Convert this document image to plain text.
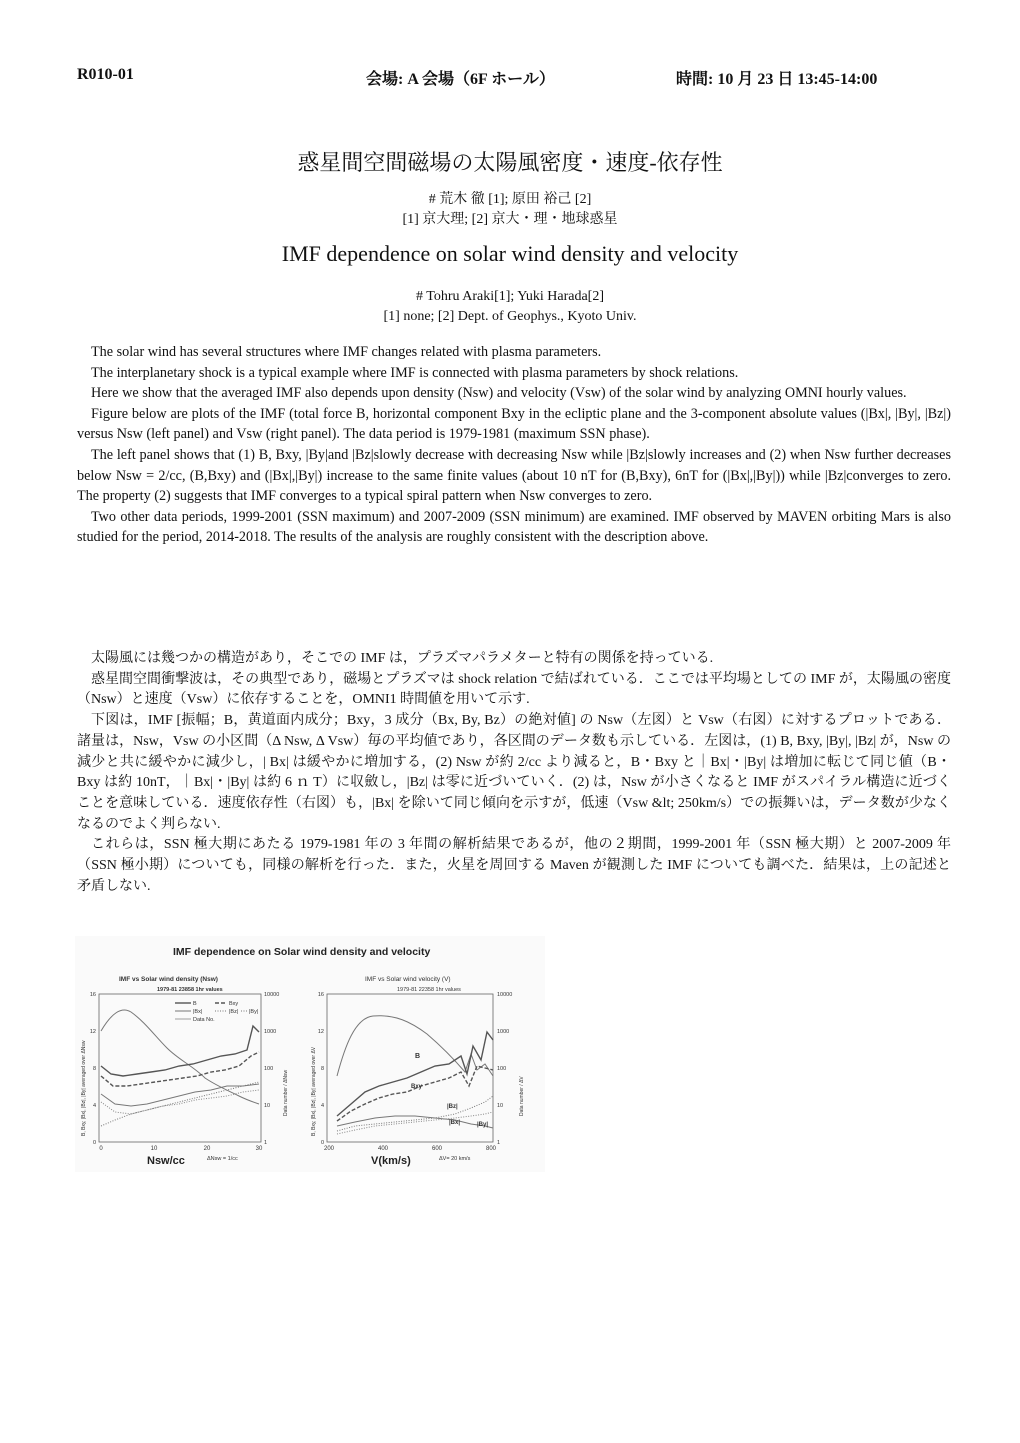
R010-01	会場: A 会場（6F ホール）	時間: 10 月 23 日 13:45-14:00
惑星間空間磁場の太陽風密度・速度-依存性
# 荒木 徹 [1]; 原田 裕己 [2]
[1] 京大理; [2] 京大・理・地球惑星
IMF dependence on solar wind density and velocity
# Tohru Araki[1]; Yuki Harada[2]
[1] none; [2] Dept. of Geophys., Kyoto Univ.

The solar wind has several structures where IMF changes related with plasma parameters.

The interplanetary shock is a typical example where IMF is connected with plasma parameters by shock relations.

Here we show that the averaged IMF also depends upon density (Nsw) and velocity (Vsw) of the solar wind by analyzing OMNI hourly values.

Figure below are plots of the IMF (total force B, horizontal component Bxy in the ecliptic plane and the 3-component absolute values (|Bx|, |By|, |Bz|) versus Nsw (left panel) and Vsw (right panel). The data period is 1979-1981 (maximum SSN phase).

The left panel shows that (1) B, Bxy, |By|and |Bz|slowly decrease with decreasing Nsw while |Bz|slowly increases and (2) when Nsw further decreases below Nsw = 2/cc, (B,Bxy) and (|Bx|,|By|) increase to the same finite values (about 10 nT for (B,Bxy), 6nT for (|Bx|,|By|)) while |Bz|converges to zero. The property (2) suggests that IMF converges to a typical spiral pattern when Nsw converges to zero.

Two other data periods, 1999-2001 (SSN maximum) and 2007-2009 (SSN minimum) are examined. IMF observed by MAVEN orbiting Mars is also studied for the period, 2014-2018. The results of the analysis are roughly consistent with the description above.

太陽風には幾つかの構造があり，そこでの IMF は，プラズマパラメターと特有の関係を持っている.

惑星間空間衝撃波は，その典型であり，磁場とプラズマは shock relation で結ばれている．ここでは平均場としての IMF が，太陽風の密度（Nsw）と速度（Vsw）に依存することを，OMNI1 時間値を用いて示す.

下図は，IMF [振幅；B，黄道面内成分；Bxy，3 成分（Bx, By, Bz）の絶対値] の Nsw（左図）と Vsw（右図）に対するプロットである．諸量は，Nsw，Vsw の小区間（Δ Nsw, Δ Vsw）毎の平均値であり，各区間のデータ数も示している．左図は，(1) B, Bxy, |By|, |Bz| が，Nsw の減少と共に緩やかに減少し，| Bx| は緩やかに増加する，(2) Nsw が約 2/cc より減ると，B・Bxy と｜Bx|・|By| は増加に転じて同じ値（B・Bxy は約 10nT，｜Bx|・|By| は約 6 ｎ T）に収斂し，|Bz| は零に近づいていく．(2) は，Nsw が小さくなると IMF がスパイラル構造に近づくことを意味している．速度依存性（右図）も，|Bx| を除いて同じ傾向を示すが，低速（Vsw &lt; 250km/s）での振舞いは，データ数が少なくなるのでよく判らない.

これらは，SSN 極大期にあたる 1979-1981 年の 3 年間の解析結果であるが，他の２期間，1999-2001 年（SSN 極大期）と 2007-2009 年（SSN 極小期）についても，同様の解析を行った．また，火星を周回する Maven が観測した IMF についても調べた．結果は，上の記述と矛盾しない.

IMF dependence on Solar wind density and velocity
IMF vs Solar wind density (Nsw)
1979-81 23858 1hr values
B	Bxy
|Bx|	|Bz| |By|
Data No.
0
4
8
12
16
1
10
100
1000
10000
B, Bxy, |Bx|, |Bz|, |By| averaged over ΔNsw	Data number / ΔNsw
0	10	20	30
Nsw/cc	ΔNsw = 1/cc
IMF vs Solar wind velocity (V)
1979-81 22358 1hr values
0
4
8
12
16
1
10
100
1000
10000
B, Bxy, |Bx|, |Bz|, |By| averaged over ΔV	Data number / ΔV
B
Bxy
|Bz|
|Bx|	|By|
200	400	600	800
V(km/s)	ΔV= 20 km/s
